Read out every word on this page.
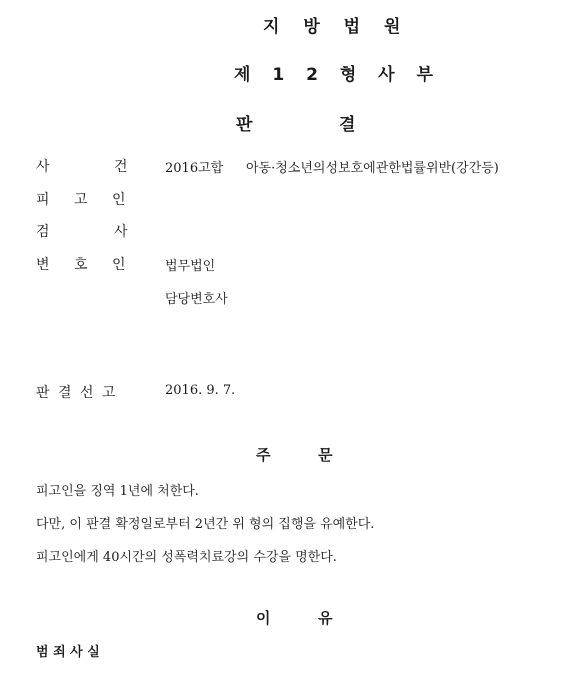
지 방 법 원
제 1 2 형 사 부
판	결
사 건 2016고합 아동·청소년의성보호에관한법률위반(강간등)
피 고 인
검 사
변 호 인 법무법인
담당변호사
판 결 선 고	2016. 9. 7.
주	문
피고인을 징역 1년에 처한다.
다만, 이 판결 확정일로부터 2년간 위 형의 집행을 유예한다.
피고인에게 40시간의 성폭력치료강의 수강을 명한다.
이	유
범 죄 사 실
